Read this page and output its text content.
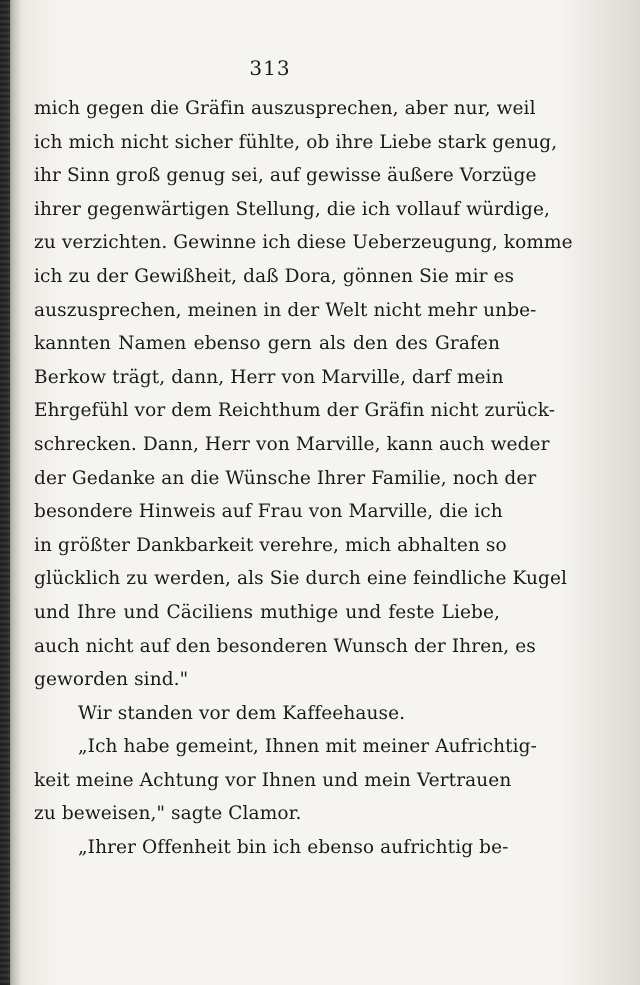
313
mich gegen die Gräfin auszusprechen, aber nur, weil
ich mich nicht sicher fühlte, ob ihre Liebe stark genug,
ihr Sinn groß genug sei, auf gewisse äußere Vorzüge
ihrer gegenwärtigen Stellung, die ich vollauf würdige,
zu verzichten. Gewinne ich diese Ueberzeugung, komme
ich zu der Gewißheit, daß Dora, gönnen Sie mir es
auszusprechen, meinen in der Welt nicht mehr unbe-
kannten Namen ebenso gern als den des Grafen
Berkow trägt, dann, Herr von Marville, darf mein
Ehrgefühl vor dem Reichthum der Gräfin nicht zurück-
schrecken. Dann, Herr von Marville, kann auch weder
der Gedanke an die Wünsche Ihrer Familie, noch der
besondere Hinweis auf Frau von Marville, die ich
in größter Dankbarkeit verehre, mich abhalten so
glücklich zu werden, als Sie durch eine feindliche Kugel
und Ihre und Cäciliens muthige und feste Liebe,
auch nicht auf den besonderen Wunsch der Ihren, es
geworden sind."
Wir standen vor dem Kaffeehause.
„Ich habe gemeint, Ihnen mit meiner Aufrichtig-
keit meine Achtung vor Ihnen und mein Vertrauen
zu beweisen," sagte Clamor.
„Ihrer Offenheit bin ich ebenso aufrichtig be-
